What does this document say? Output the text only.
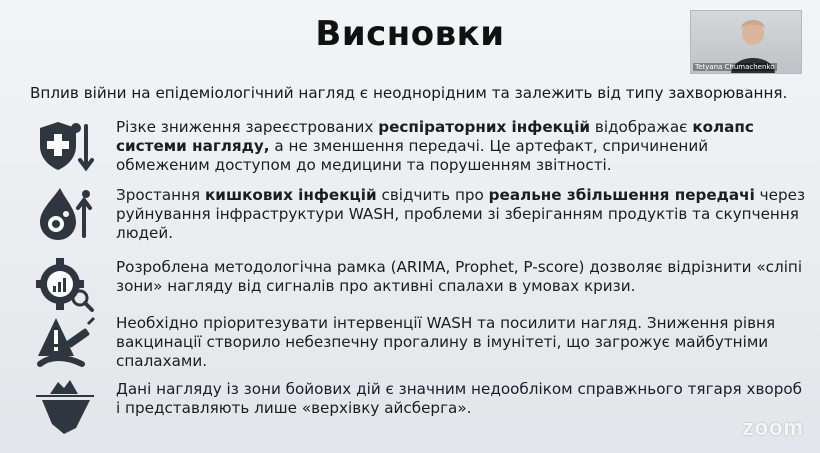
Висновки
Вплив війни на епідеміологічний нагляд є неоднорідним та залежить від типу захворювання.
Різке зниження зареєстрованих респіраторних інфекцій відображає колапс системи нагляду, а не зменшення передачі. Це артефакт, спричинений обмеженим доступом до медицини та порушенням звітності.
Зростання кишкових інфекцій свідчить про реальне збільшення передачі через руйнування інфраструктури WASH, проблеми зі зберіганням продуктів та скупчення людей.
Розроблена методологічна рамка (ARIMA, Prophet, P-score) дозволяє відрізнити «сліпі зони» нагляду від сигналів про активні спалахи в умовах кризи.
Необхідно пріоритезувати інтервенції WASH та посилити нагляд. Зниження рівня вакцинації створило небезпечну прогалину в імунітеті, що загрожує майбутніми спалахами.
Дані нагляду із зони бойових дій є значним недообліком справжнього тягаря хвороб і представляють лише «верхівку айсберга».
Tetyana Chumachenko
zoom
